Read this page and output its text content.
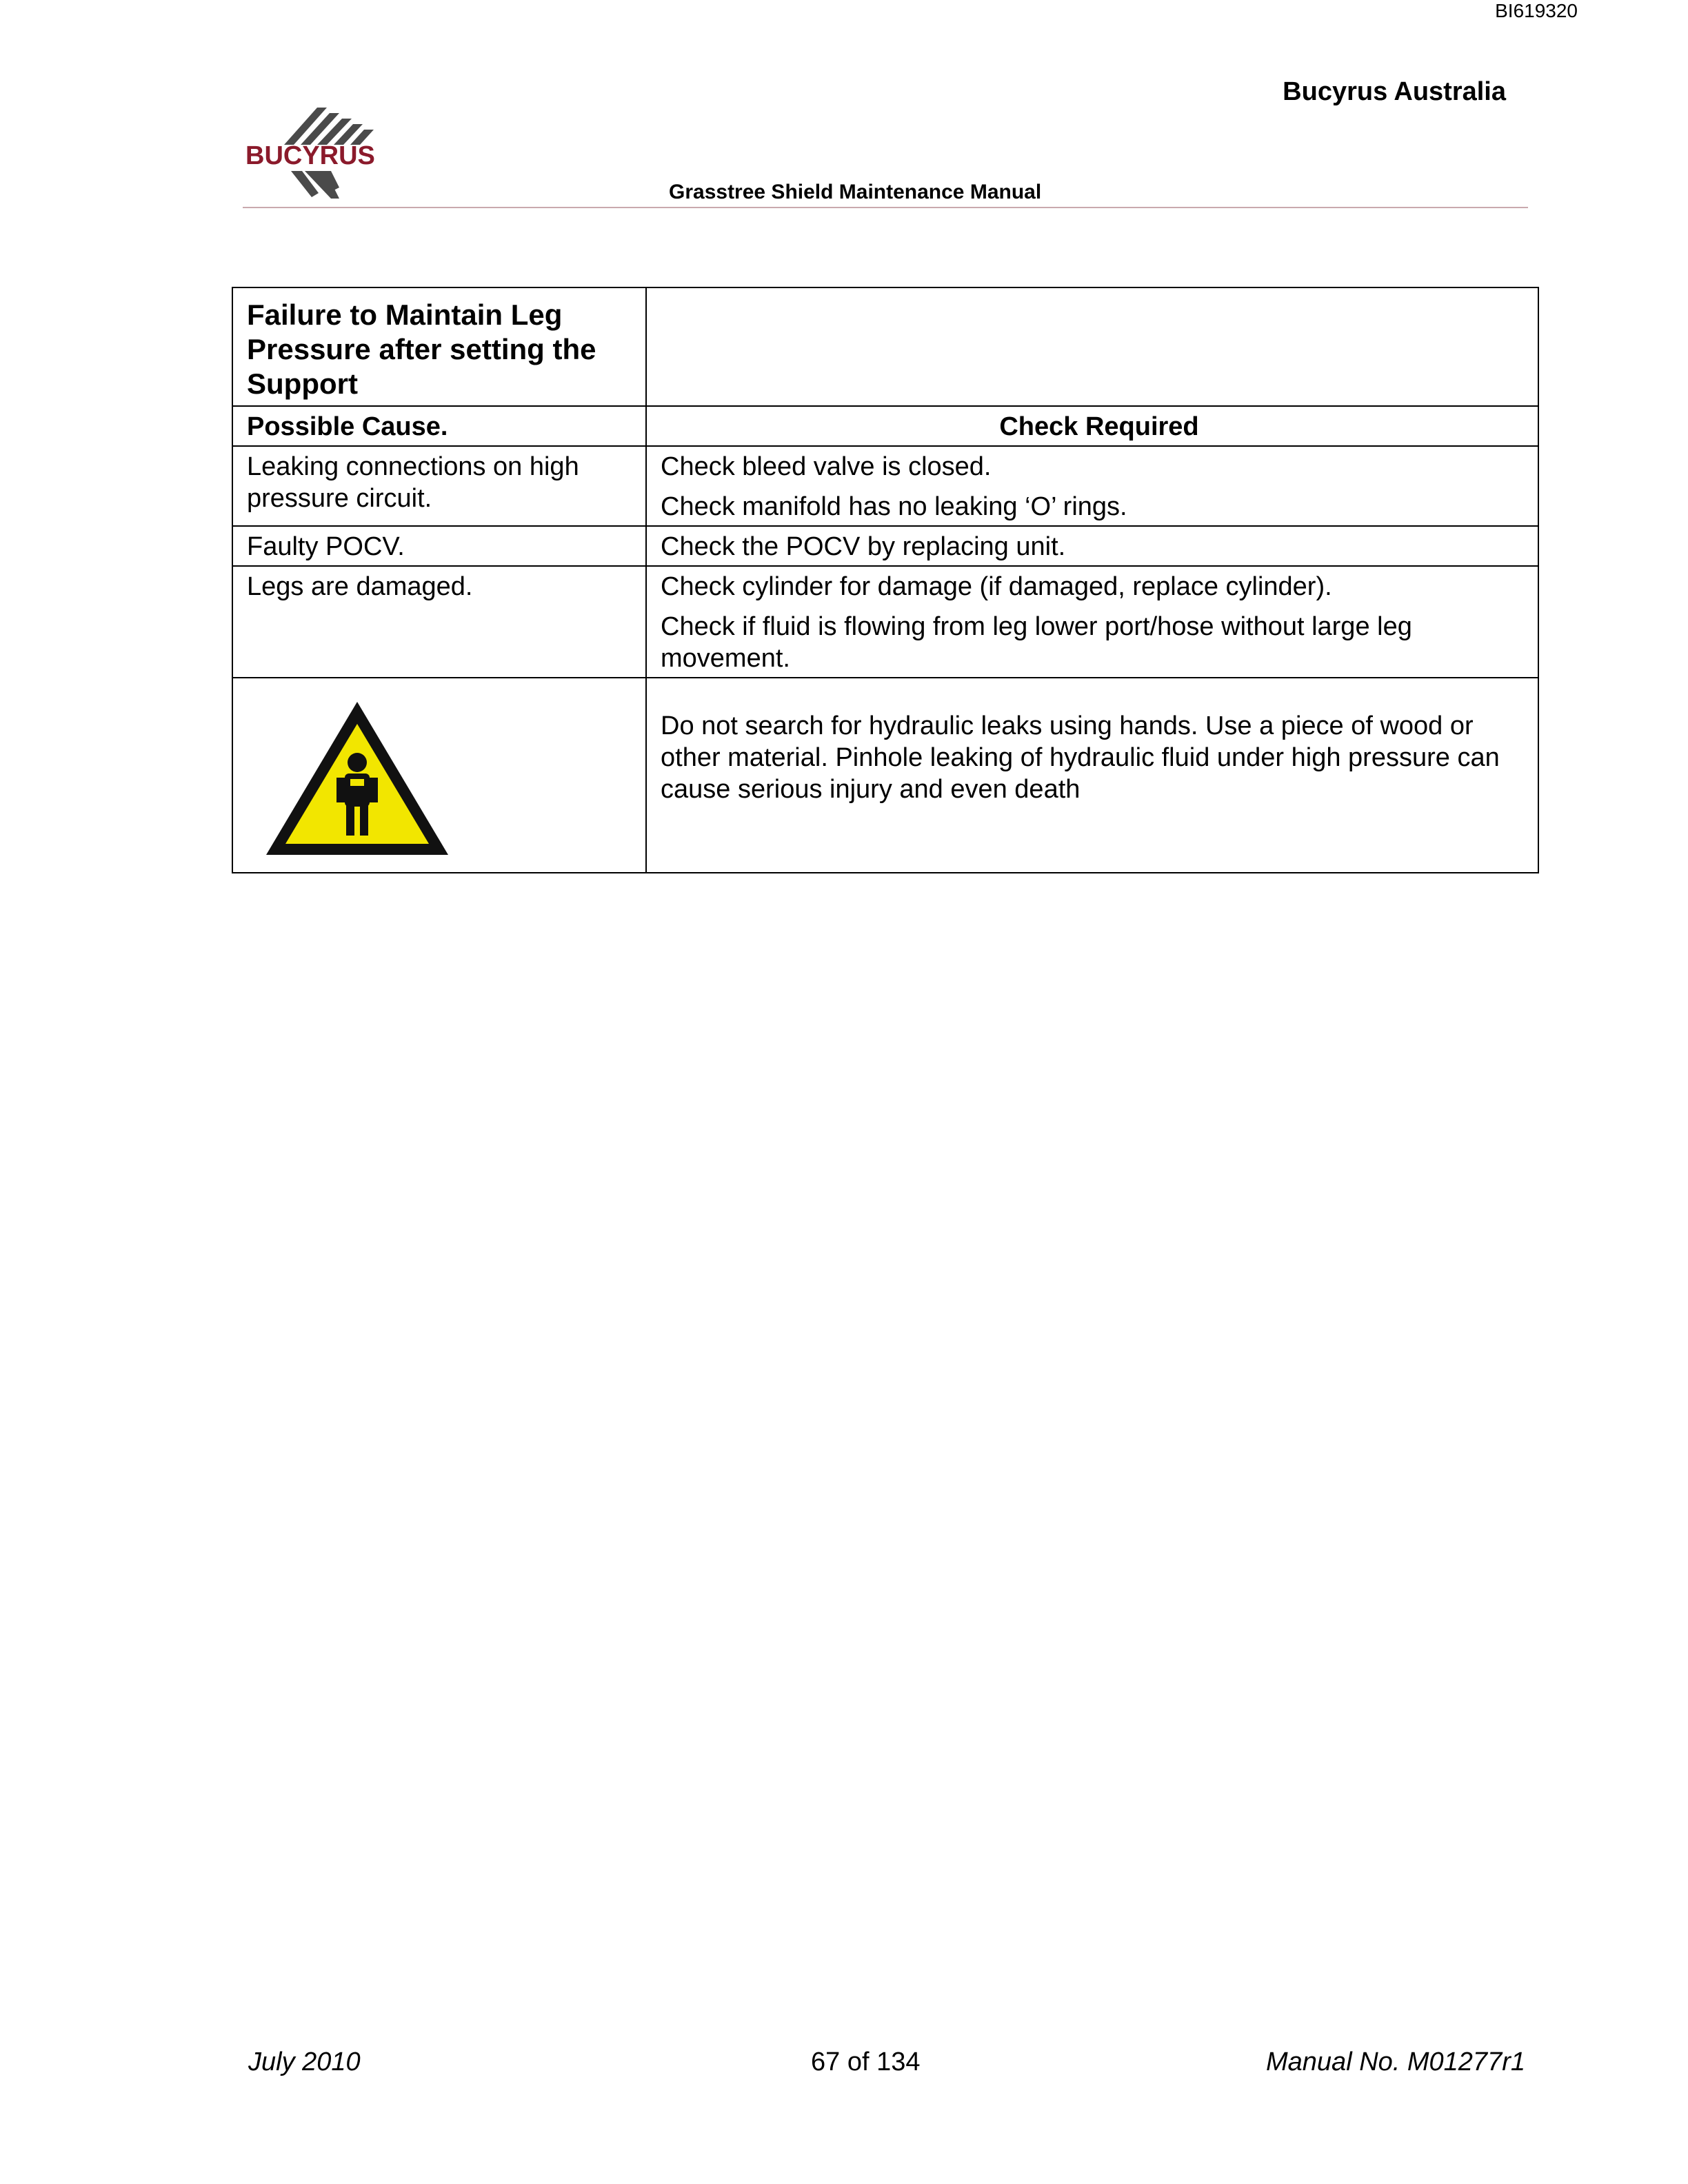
BI619320
Bucyrus Australia
BUCYRUS
Grasstree Shield Maintenance Manual
Failure to Maintain Leg Pressure after setting the Support	
Possible Cause.	Check Required
Leaking connections on high pressure circuit.	Check bleed valve is closed.
Check manifold has no leaking ‘O’ rings.

Faulty POCV.	Check the POCV by replacing unit.

Legs are damaged.	Check cylinder for damage (if damaged, replace cylinder).
Check if fluid is flowing from leg lower port/hose without large leg movement.

	Do not search for hydraulic leaks using hands. Use a piece of wood or other material. Pinhole leaking of hydraulic fluid under high pressure can cause serious injury and even death
July 2010	67 of 134	Manual No. M01277r1
